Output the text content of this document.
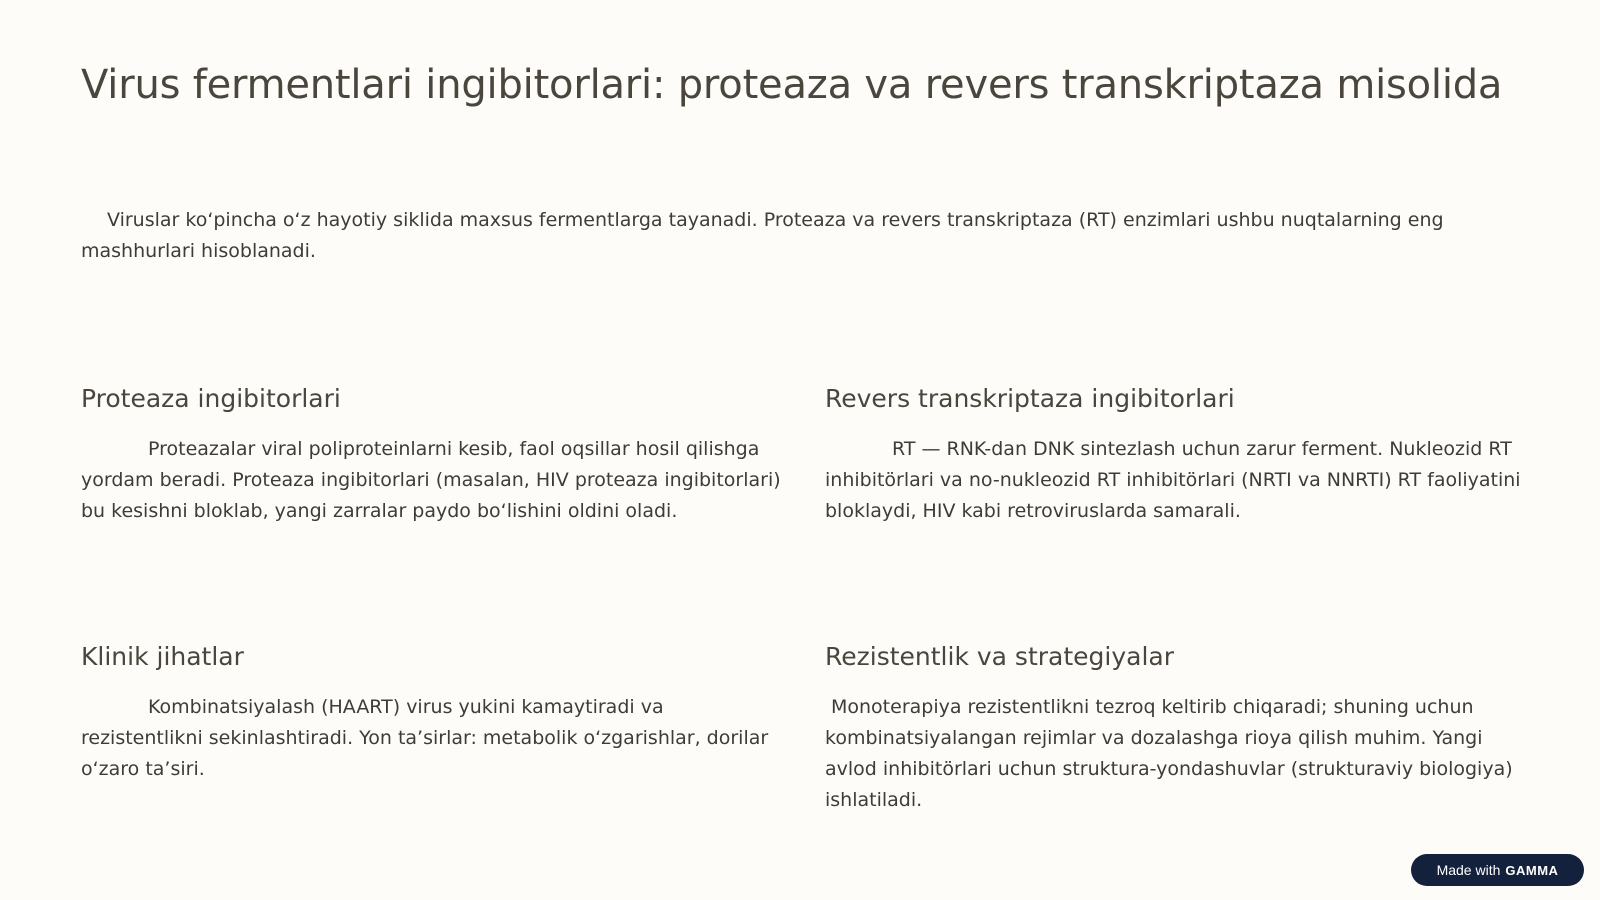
Virus fermentlari ingibitorlari: proteaza va revers transkriptaza misolida

Viruslar ko‘pincha o‘z hayotiy siklida maxsus fermentlarga tayanadi. Proteaza va revers transkriptaza (RT) enzimlari ushbu nuqtalarning eng mashhurlari hisoblanadi.

Proteaza ingibitorlari

Proteazalar viral poliproteinlarni kesib, faol oqsillar hosil qilishga yordam beradi. Proteaza ingibitorlari (masalan, HIV proteaza ingibitorlari) bu kesishni bloklab, yangi zarralar paydo bo‘lishini oldini oladi.

Revers transkriptaza ingibitorlari

RT — RNK-dan DNK sintezlash uchun zarur ferment. Nukleozid RT inhibitörlari va no-nukleozid RT inhibitörlari (NRTI va NNRTI) RT faoliyatini bloklaydi, HIV kabi retroviruslarda samarali.

Klinik jihatlar

Kombinatsiyalash (HAART) virus yukini kamaytiradi va rezistentlikni sekinlashtiradi. Yon ta’sirlar: metabolik o‘zgarishlar, dorilar o‘zaro ta’siri.

Rezistentlik va strategiyalar

Monoterapiya rezistentlikni tezroq keltirib chiqaradi; shuning uchun kombinatsiyalangan rejimlar va dozalashga rioya qilish muhim. Yangi avlod inhibitörlari uchun struktura-yondashuvlar (strukturaviy biologiya) ishlatiladi.

Made with GAMMA
